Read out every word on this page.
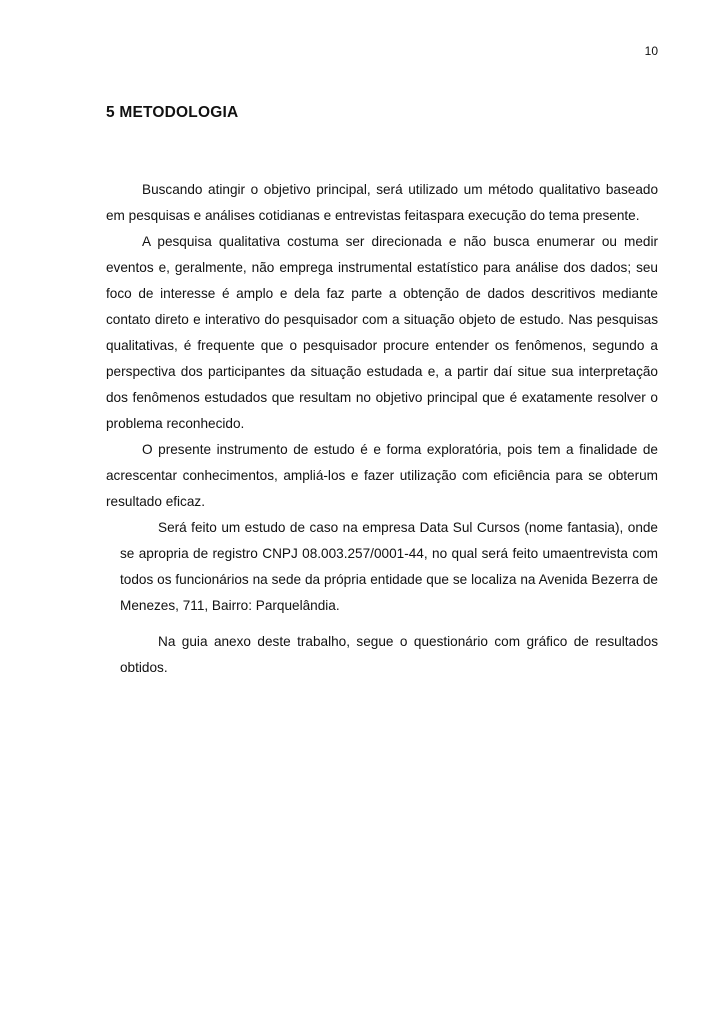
10
5 METODOLOGIA

Buscando atingir o objetivo principal, será utilizado um método qualitativo baseado em pesquisas e análises cotidianas e entrevistas feitaspara execução do tema presente.

A pesquisa qualitativa costuma ser direcionada e não busca enumerar ou medir eventos e, geralmente, não emprega instrumental estatístico para análise dos dados; seu foco de interesse é amplo e dela faz parte a obtenção de dados descritivos mediante contato direto e interativo do pesquisador com a situação objeto de estudo. Nas pesquisas qualitativas, é frequente que o pesquisador procure entender os fenômenos, segundo a perspectiva dos participantes da situação estudada e, a partir daí situe sua interpretação dos fenômenos estudados que resultam no objetivo principal que é exatamente resolver o problema reconhecido.

O presente instrumento de estudo é e forma exploratória, pois tem a finalidade de acrescentar conhecimentos, ampliá-los e fazer utilização com eficiência para se obterum resultado eficaz.

Será feito um estudo de caso na empresa Data Sul Cursos (nome fantasia), onde se apropria de registro CNPJ 08.003.257/0001-44, no qual será feito umaentrevista com todos os funcionários na sede da própria entidade que se localiza na Avenida Bezerra de Menezes, 711, Bairro: Parquelândia.

Na guia anexo deste trabalho, segue o questionário com gráfico de resultados obtidos.
